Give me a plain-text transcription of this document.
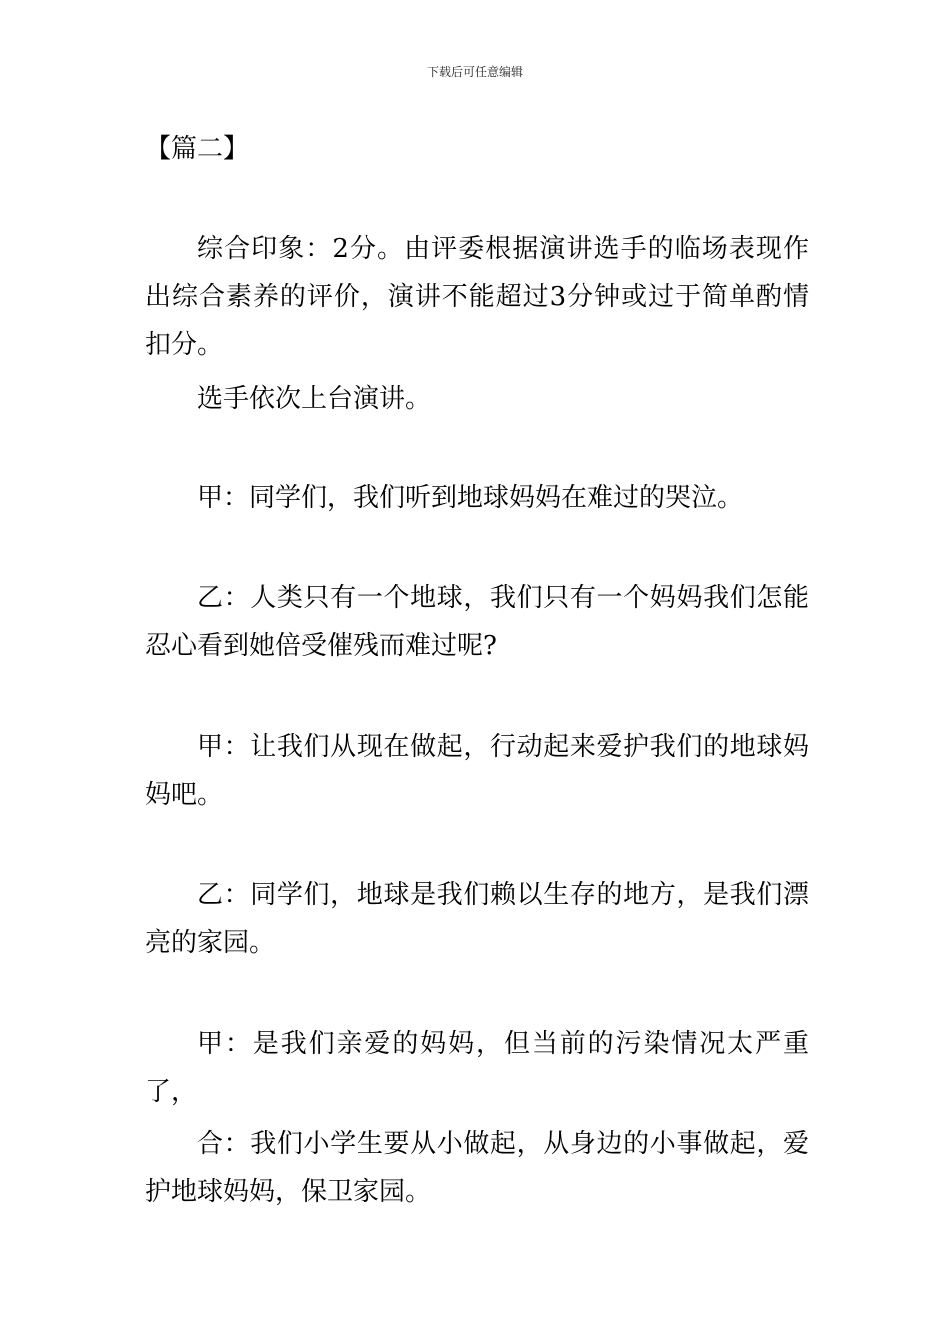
下载后可任意编辑
【篇二】

综合印象：2分。由评委根据演讲选手的临场表现作出综合素养的评价，演讲不能超过3分钟或过于简单酌情扣分。

选手依次上台演讲。

甲：同学们，我们听到地球妈妈在难过的哭泣。

乙：人类只有一个地球，我们只有一个妈妈我们怎能忍心看到她倍受催残而难过呢?

甲：让我们从现在做起，行动起来爱护我们的地球妈妈吧。

乙：同学们，地球是我们赖以生存的地方，是我们漂亮的家园。

甲：是我们亲爱的妈妈，但当前的污染情况太严重了，

合：我们小学生要从小做起，从身边的小事做起，爱护地球妈妈，保卫家园。
